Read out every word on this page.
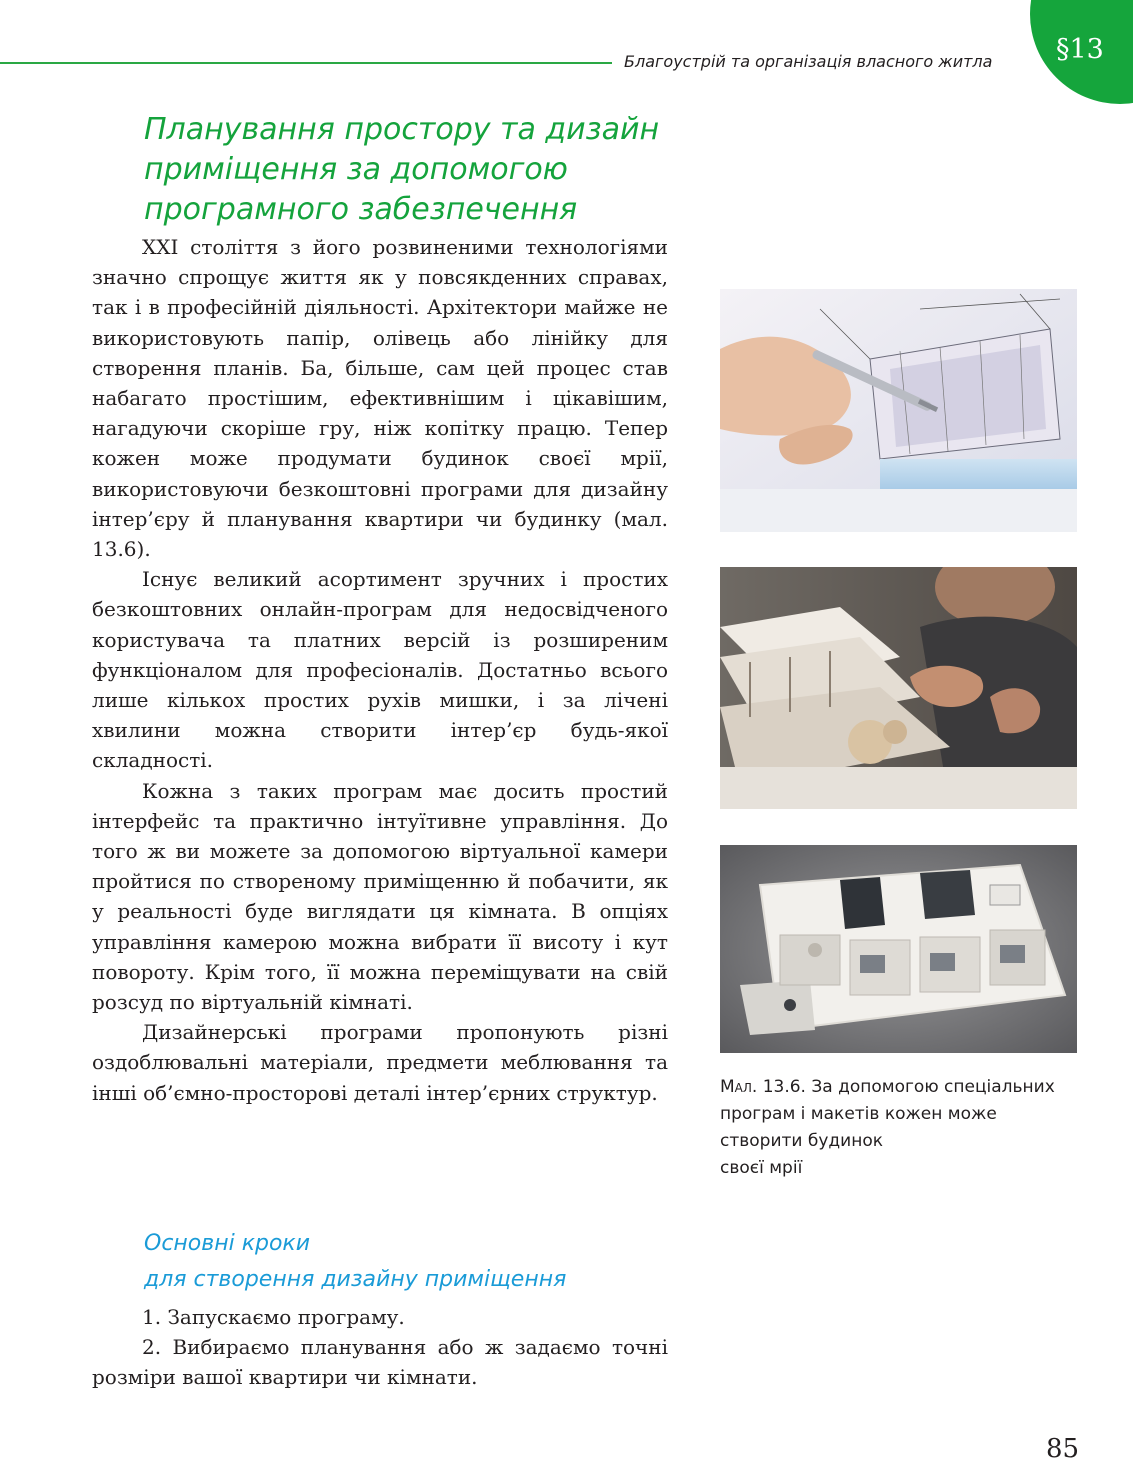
Благоустрій та організація власного житла §13
Планування простору та дизайн
приміщення за допомогою
програмного забезпечення

XXI століття з його розвиненими технологіями значно спрощує життя як у повсякденних справах, так і в професійній діяльності. Архітектори майже не використовують папір, олівець або лінійку для створення планів. Ба, більше, сам цей процес став набагато простішим, ефективнішим і цікавішим, нагадуючи скоріше гру, ніж копітку працю. Тепер кожен може продумати будинок своєї мрії, використовуючи безкоштовні програми для дизайну інтер’єру й планування квартири чи будинку (мал. 13.6).

Існує великий асортимент зручних і простих безкоштовних онлайн-програм для недосвідченого користувача та платних версій із розширеним функціоналом для професіоналів. Достатньо всього лише кількох простих рухів мишки, і за лічені хвилини можна створити інтер’єр будь-якої складності.

Кожна з таких програм має досить простий інтерфейс та практично інтуїтивне управління. До того ж ви можете за допомогою віртуальної камери пройтися по створеному приміщенню й побачити, як у реальності буде виглядати ця кімната. В опціях управління камерою можна вибрати її висоту і кут повороту. Крім того, її можна переміщувати на свій розсуд по віртуальній кімнаті.

Дизайнерські програми пропонують різні оздоблювальні матеріали, предмети меблювання та інші об’ємно-просторові деталі інтер’єрних структур.

Основні кроки
для створення дизайну приміщення

1. Запускаємо програму.

2. Вибираємо планування або ж задаємо точні розміри вашої квартири чи кімнати.

Мал. 13.6. За допомогою спеціальних
програм і макетів кожен може
створити будинок
своєї мрії
85
